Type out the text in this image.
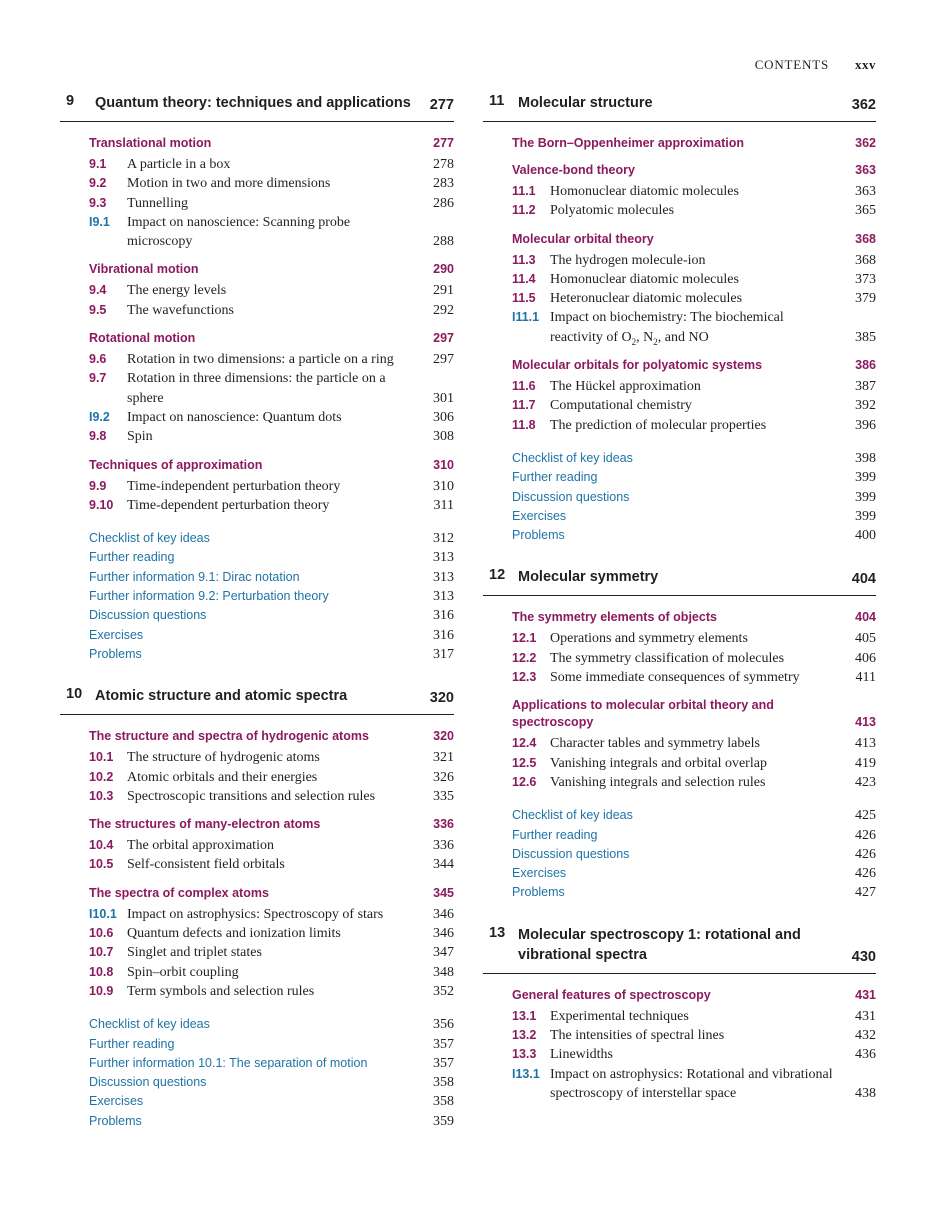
CONTENTS xxv
9	Quantum theory: techniques and applications	277
Translational motion	277
9.1	A particle in a box	278
9.2	Motion in two and more dimensions	283
9.3	Tunnelling	286
I9.1	Impact on nanoscience: Scanning probe microscopy	288
Vibrational motion	290
9.4	The energy levels	291
9.5	The wavefunctions	292
Rotational motion	297
9.6	Rotation in two dimensions: a particle on a ring	297
9.7	Rotation in three dimensions: the particle on a sphere	301
I9.2	Impact on nanoscience: Quantum dots	306
9.8	Spin	308
Techniques of approximation	310
9.9	Time-independent perturbation theory	310
9.10 Time-dependent perturbation theory	311
Checklist of key ideas	312
Further reading	313
Further information 9.1: Dirac notation	313
Further information 9.2: Perturbation theory	313
Discussion questions	316
Exercises	316
Problems	317
10 Atomic structure and atomic spectra	320
The structure and spectra of hydrogenic atoms	320
10.1 The structure of hydrogenic atoms	321
10.2 Atomic orbitals and their energies	326
10.3 Spectroscopic transitions and selection rules	335
The structures of many-electron atoms	336
10.4 The orbital approximation	336
10.5 Self-consistent field orbitals	344
The spectra of complex atoms	345
I10.1 Impact on astrophysics: Spectroscopy of stars	346
10.6 Quantum defects and ionization limits	346
10.7 Singlet and triplet states	347
10.8 Spin–orbit coupling	348
10.9 Term symbols and selection rules	352
Checklist of key ideas	356
Further reading	357
Further information 10.1: The separation of motion	357
Discussion questions	358
Exercises	358
Problems	359
11 Molecular structure	362
The Born–Oppenheimer approximation	362
Valence-bond theory	363
11.1	Homonuclear diatomic molecules	363
11.2	Polyatomic molecules	365
Molecular orbital theory	368
11.3	The hydrogen molecule-ion	368
11.4	Homonuclear diatomic molecules	373
11.5	Heteronuclear diatomic molecules	379
I11.1 Impact on biochemistry: The biochemical reactivity of $O_2$, $N_2$, and NO	385
Molecular orbitals for polyatomic systems	386
11.6	The Hückel approximation	387
11.7	Computational chemistry	392
11.8	The prediction of molecular properties	396
Checklist of key ideas	398
Further reading	399
Discussion questions	399
Exercises	399
Problems	400
12 Molecular symmetry	404
The symmetry elements of objects	404
12.1 Operations and symmetry elements	405
12.2 The symmetry classification of molecules	406
12.3 Some immediate consequences of symmetry	411
Applications to molecular orbital theory and spectroscopy	413
12.4 Character tables and symmetry labels	413
12.5 Vanishing integrals and orbital overlap	419
12.6 Vanishing integrals and selection rules	423
Checklist of key ideas	425
Further reading	426
Discussion questions	426
Exercises	426
Problems	427
13 Molecular spectroscopy 1: rotational and vibrational spectra	430
General features of spectroscopy	431
13.1 Experimental techniques	431
13.2 The intensities of spectral lines	432
13.3 Linewidths	436
I13.1 Impact on astrophysics: Rotational and vibrational spectroscopy of interstellar space	438
